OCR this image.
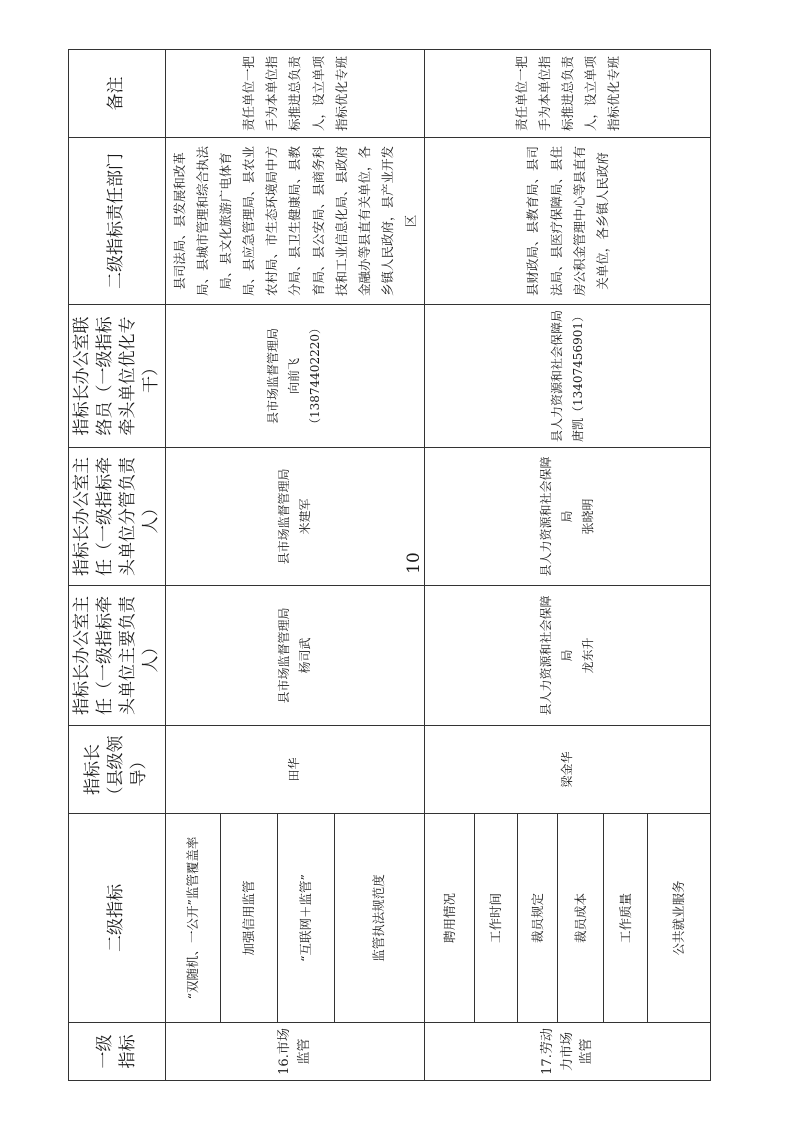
一级指标	二级指标	指标长（县级领导）	指标长办公室主任（一级指标牵头单位主要负责人）	指标长办公室主任（一级指标牵头单位分管负责人）	指标长办公室联络员（一级指标牵头单位优化专干）	二级指标责任部门	备注
16.市场监管	“双随机、一公开”监管覆盖率	田华	县市场监督管理局 杨司武	县市场监督管理局 米建军	县市场监督管理局 向前飞（13874402220）	县司法局、县发展和改革局、县城市管理和综合执法局、县文化旅游广电体育局、县应急管理局、县农业农村局、市生态环境局中方分局、县卫生健康局、县教育局、县公安局、县商务科技和工业信息化局、县政府金融办等县直有关单位，各乡镇人民政府，县产业开发区	责任单位一把手为本单位指标推进总负责人，设立单项指标优化专班
	加强信用监管						
	“互联网＋监管”						
	监管执法规范度						
17.劳动力市场监管	聘用情况	梁金华	县人力资源和社会保障局 龙东升	县人力资源和社会保障局 张晓明	县人力资源和社会保障局 唐凯（13407456901）	县财政局、县教育局、县司法局、县医疗保障局、县住房公积金管理中心等县直有关单位，各乡镇人民政府	责任单位一把手为本单位指标推进总负责人，设立单项指标优化专班
	工作时间						
	裁员规定						
	裁员成本						
	工作质量						
	公共就业服务						
10
